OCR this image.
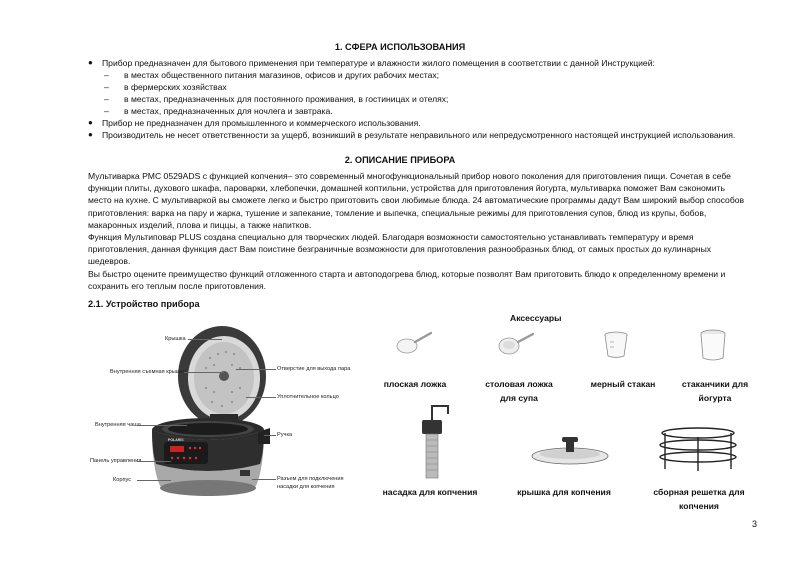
1. СФЕРА ИСПОЛЬЗОВАНИЯ
● Прибор предназначен для бытового применения при температуре и влажности жилого помещения в соответствии с данной Инструкцией:
– в местах общественного питания магазинов, офисов и других рабочих местах;
– в фермерских хозяйствах
– в местах, предназначенных для постоянного проживания, в гостиницах и отелях;
– в местах, предназначенных для ночлега и завтрака.
● Прибор не предназначен для промышленного и коммерческого использования.
● Производитель не несет ответственности за ущерб, возникший в результате неправильного или непредусмотренного настоящей инструкцией использования.
2. ОПИСАНИЕ ПРИБОРА
Мультиварка PMC 0529ADS с функцией копчения– это современный многофункциональный прибор нового поколения для приготовления пищи. Сочетая в себе
функции плиты, духового шкафа, пароварки, хлебопечки, домашней коптильни, устройства для приготовления йогурта, мультиварка поможет Вам сэкономить
место на кухне. С мультиваркой вы сможете легко и быстро приготовить свои любимые блюда. 24 автоматические программы дадут Вам широкий выбор способов
приготовления: варка на пару и жарка, тушение и запекание, томление и выпечка, специальные режимы для приготовления супов, блюд из крупы, бобов,
макаронных изделий, плова и пиццы, а также напитков.
Функция Мультиповар PLUS создана специально для творческих людей. Благодаря возможности самостоятельно устанавливать температуру и время
приготовления, данная функция даст Вам поистине безграничные возможности для приготовления разнообразных блюд, от самых простых до кулинарных
шедевров.
Вы быстро оцените преимущество функций отложенного старта и автоподогрева блюд, которые позволят Вам приготовить блюдо к определенному времени и
сохранить его теплым после приготовления.
2.1. Устройство прибора
Крышка
Внутренняя съемная крышка
Внутренняя чаша
Панель управления
Корпус
Отверстие для выхода пара
Уплотнительное кольцо
Ручка
Разъем для подключения
насадки для копчения
Аксессуары
плоская ложка	столовая ложка
для супа
мерный стакан	стаканчики для
йогурта
насадка для копчения	крышка для копчения	сборная решетка для
копчения
3
POLARIS
